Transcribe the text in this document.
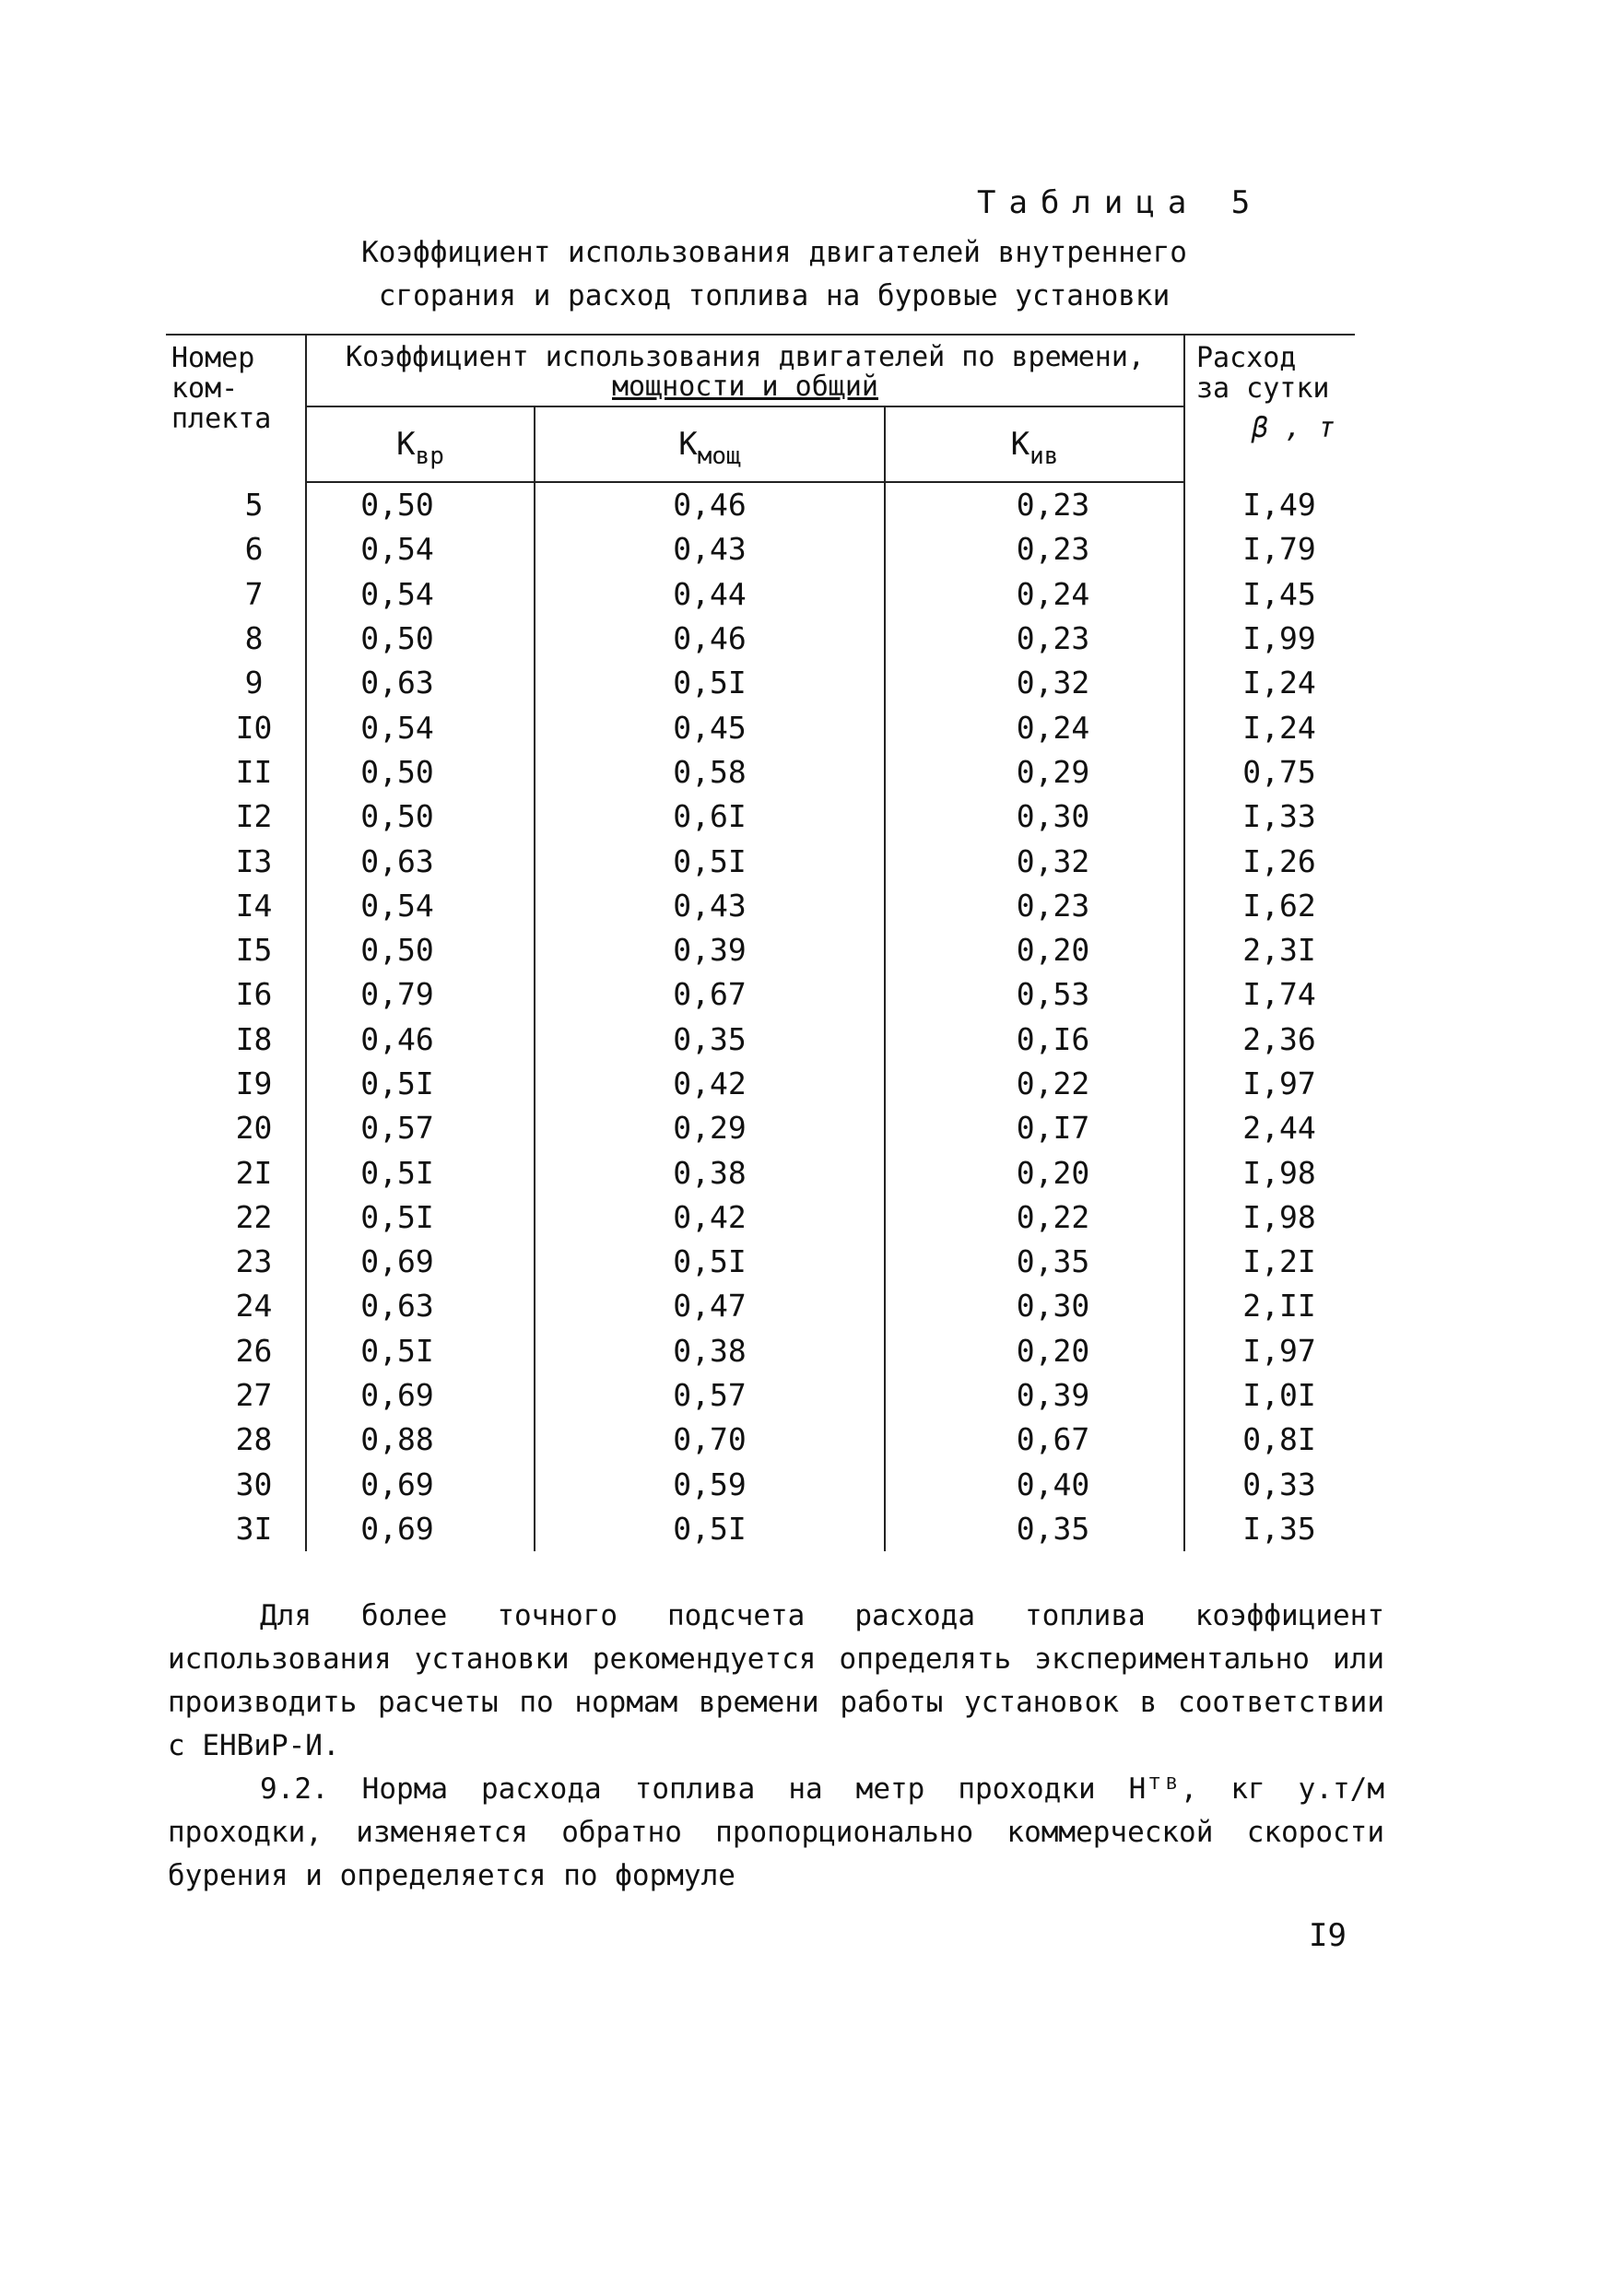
Таблица 5
Коэффициент использования двигателей внутреннего
сгорания и расход топлива на буровые установки
Номер ком- плекта	Коэффициент использования двигателей по времени,
мощности и общий			Расход
за сутки
β , т

	$К_{вр}$	$К_{мощ}$	$К_{ив}$
5	0,50	0,46	0,23	I,49
6	0,54	0,43	0,23	I,79
7	0,54	0,44	0,24	I,45
8	0,50	0,46	0,23	I,99
9	0,63	0,5I	0,32	I,24
I0	0,54	0,45	0,24	I,24
II	0,50	0,58	0,29	0,75
I2	0,50	0,6I	0,30	I,33
I3	0,63	0,5I	0,32	I,26
I4	0,54	0,43	0,23	I,62
I5	0,50	0,39	0,20	2,3I
I6	0,79	0,67	0,53	I,74
I8	0,46	0,35	0,I6	2,36
I9	0,5I	0,42	0,22	I,97
20	0,57	0,29	0,I7	2,44
2I	0,5I	0,38	0,20	I,98
22	0,5I	0,42	0,22	I,98
23	0,69	0,5I	0,35	I,2I
24	0,63	0,47	0,30	2,II
26	0,5I	0,38	0,20	I,97
27	0,69	0,57	0,39	I,0I
28	0,88	0,70	0,67	0,8I
30	0,69	0,59	0,40	0,33
3I	0,69	0,5I	0,35	I,35
Для более точного подсчета расхода топлива коэффициент использования установки рекомендуется определять экспериментально или производить расчеты по нормам времени работы установок в соответствии с ЕНВиР-И.
9.2. Норма расхода топлива на метр проходки Нᵀᴮ, кг у.т/м проходки, изменяется обратно пропорционально коммерческой скорости бурения и определяется по формуле
I9
